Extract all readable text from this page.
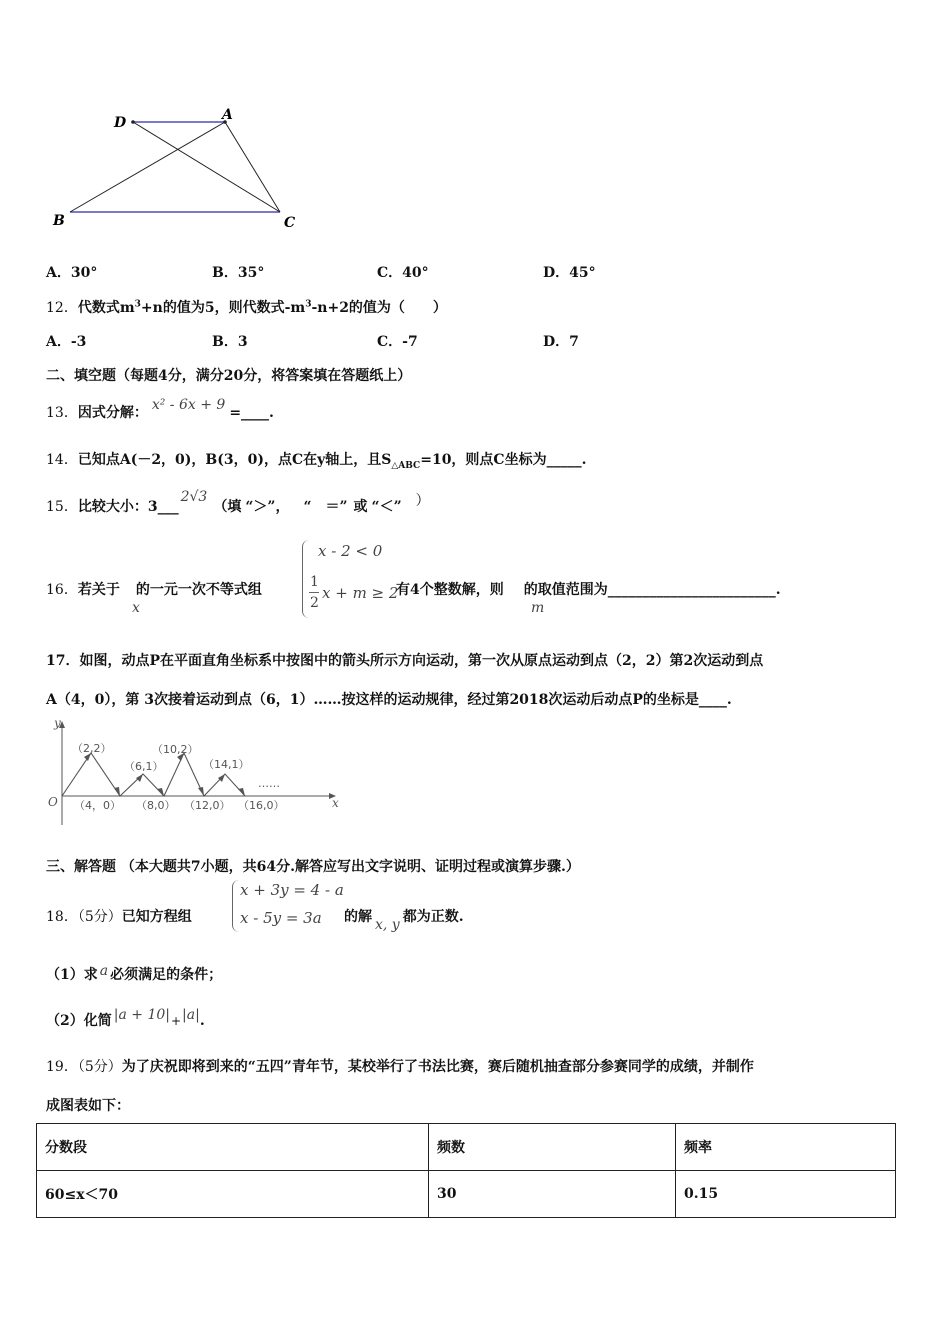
D	A
B	C
A．30°	B．35°	C．40°	D．45°
12．代数式$m^3+n$的值为5，则代数式$-m^3-n+2$的值为（　　）
A．-3	B．3	C．-7	D．7
二、填空题（每题4分，满分20分，将答案填在答题纸上）
13．因式分解： x² - 6x + 9 =____.
14．已知点A(－2，0)，B(3，0)，点C在y轴上，且$S_{\triangle ABC}=10$，则点C坐标为_____.
15．比较大小：3___2√3（填 “＞”， “　＝” 或 “＜” ）
16．若关于 的一元一次不等式组
x
x - 2 < 0
1
2
x + m ≥ 2
有4个整数解，则 的取值范围为________________________.
m
17．如图，动点P在平面直角坐标系中按图中的箭头所示方向运动，第一次从原点运动到点（2，2）第2次运动到点
A（4，0），第 3次接着运动到点（6，1）……按这样的运动规律，经过第2018次运动后动点P的坐标是____.
x
y
O
（2,2）
（6,1）
（10,2）
（14,1）
（4，0） （8,0） （12,0） （16,0）
……
三、解答题 （本大题共7小题，共64分.解答应写出文字说明、证明过程或演算步骤.）
18．（5分）已知方程组
x + 3y = 4 - a
x - 5y = 3a 的解 x, y 都为正数.
（1）求 a 必须满足的条件；
（2）化简 |a + 10|+|a|.
19．（5分）为了庆祝即将到来的“五四”青年节，某校举行了书法比赛，赛后随机抽查部分参赛同学的成绩，并制作
成图表如下：
分数段	频数	频率
60≤x＜70	30	0.15
